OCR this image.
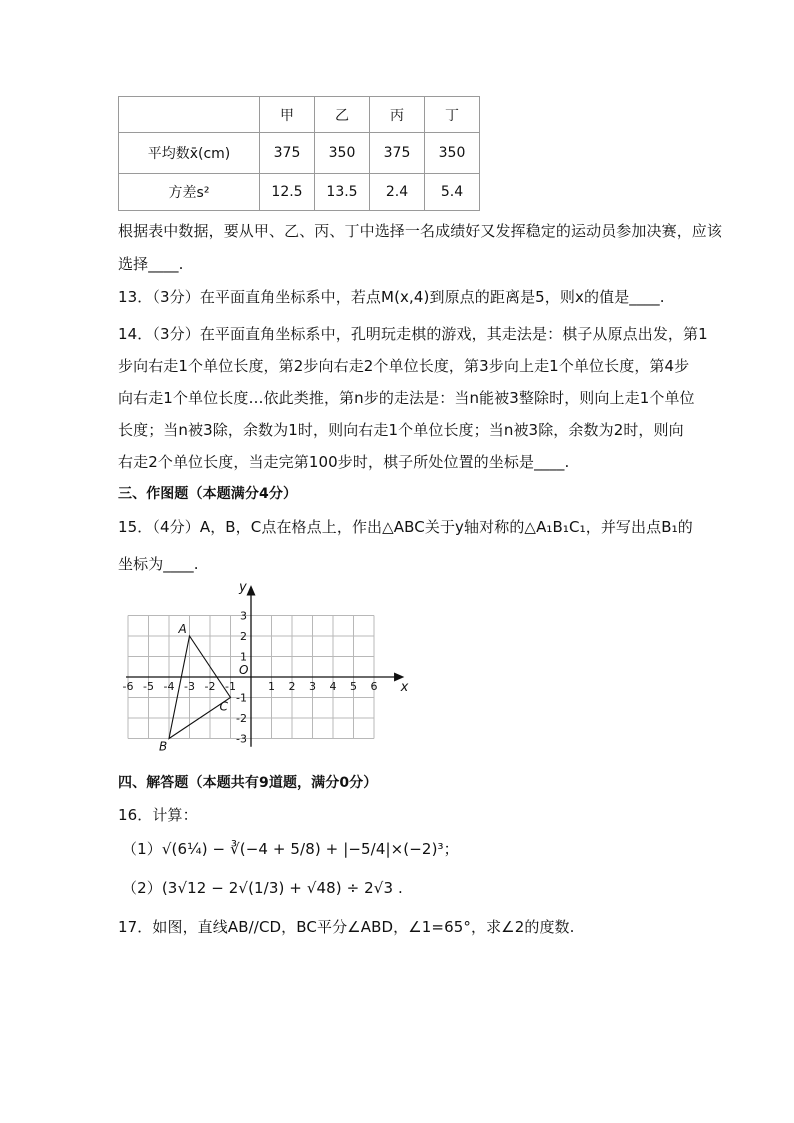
	甲	乙	丙	丁
平均数x̄(cm)	375	350	375	350
方差s²	12.5	13.5	2.4	5.4
根据表中数据，要从甲、乙、丙、丁中选择一名成绩好又发挥稳定的运动员参加决赛，应该
选择____.
13．（3分）在平面直角坐标系中，若点M(x,4)到原点的距离是5，则x的值是____.
14．（3分）在平面直角坐标系中，孔明玩走棋的游戏，其走法是：棋子从原点出发，第1
步向右走1个单位长度，第2步向右走2个单位长度，第3步向上走1个单位长度，第4步
向右走1个单位长度…依此类推，第n步的走法是：当n能被3整除时，则向上走1个单位
长度；当n被3除，余数为1时，则向右走1个单位长度；当n被3除，余数为2时，则向
右走2个单位长度，当走完第100步时，棋子所处位置的坐标是____.
三、作图题（本题满分4分）
15．（4分）A，B，C点在格点上，作出△ABC关于y轴对称的△A₁B₁C₁，并写出点B₁的
坐标为____.
-6 -5 -4 -3 -2 -1	1 2 3 4 5 6
3
2
1
-1
-2
-3
x
y
O
A
B
C
四、解答题（本题共有9道题，满分0分）
16．计算：
（1）√(6¼) − ∛(−4 + 5/8) + |−5/4|×(−2)³；
（2）(3√12 − 2√(1/3) + √48) ÷ 2√3 .
17．如图，直线AB//CD，BC平分∠ABD，∠1=65°，求∠2的度数.
